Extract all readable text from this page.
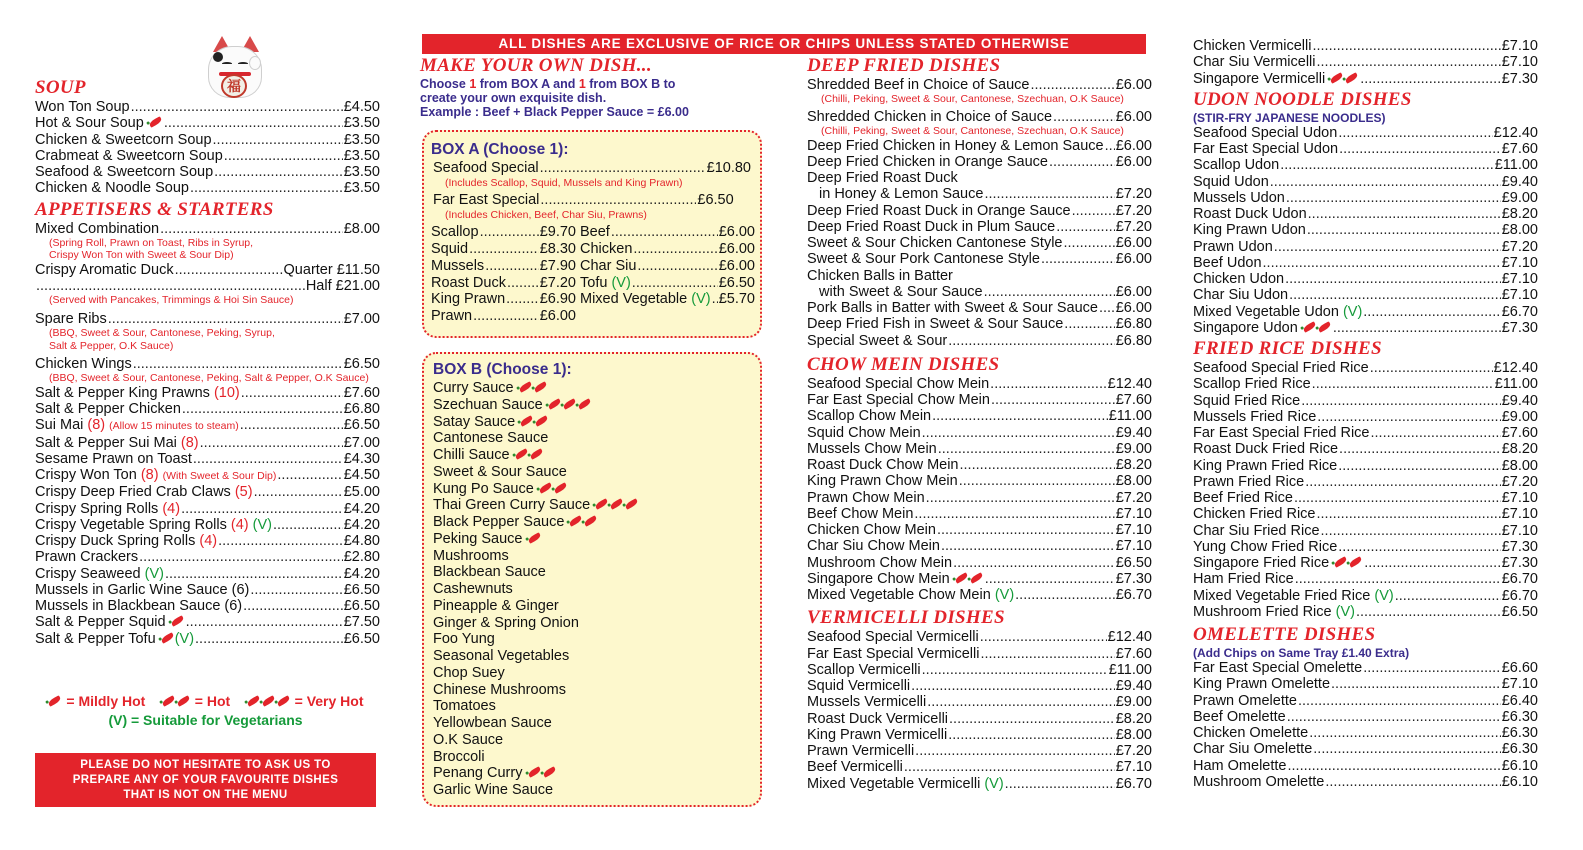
福
SOUP
Won Ton Soup .....	£4.50
Hot & Sour Soup .....	£3.50
Chicken & Sweetcorn Soup .....	£3.50
Crabmeat & Sweetcorn Soup .....	£3.50
Seafood & Sweetcorn Soup .....	£3.50
Chicken & Noodle Soup .....	£3.50
APPETISERS & STARTERS
Mixed Combination .....	£8.00
(Spring Roll, Prawn on Toast, Ribs in Syrup,
Crispy Won Ton with Sweet & Sour Dip)
Crispy Aromatic Duck .....	Quarter £11.50
.....
Half £21.00
(Served with Pancakes, Trimmings & Hoi Sin Sauce)
Spare Ribs .....	£7.00
(BBQ, Sweet & Sour, Cantonese, Peking, Syrup,
Salt & Pepper, O.K Sauce)
Chicken Wings .....	£6.50
(BBQ, Sweet & Sour, Cantonese, Peking, Salt & Pepper, O.K Sauce)
Salt & Pepper King Prawns (10) .....	£7.60
Salt & Pepper Chicken .....	£6.80
Sui Mai (8) (Allow 15 minutes to steam) .....	£6.50
Salt & Pepper Sui Mai (8) .....	£7.00
Sesame Prawn on Toast .....	£4.30
Crispy Won Ton (8) (With Sweet & Sour Dip) .....	£4.50
Crispy Deep Fried Crab Claws (5) .....	£5.00
Crispy Spring Rolls (4) .....	£4.20
Crispy Vegetable Spring Rolls (4) (V) .....	£4.20
Crispy Duck Spring Rolls (4) .....	£4.80
Prawn Crackers .....	£2.80
Crispy Seaweed (V) .....	£4.20
Mussels in Garlic Wine Sauce (6) .....	£6.50
Mussels in Blackbean Sauce (6) .....	£6.50
Salt & Pepper Squid .....	£7.50
Salt & Pepper Tofu (V) .....	£6.50
= Mildly Hot	= Hot	= Very Hot
(V) = Suitable for Vegetarians
PLEASE DO NOT HESITATE TO ASK US TO
PREPARE ANY OF YOUR FAVOURITE DISHES
THAT IS NOT ON THE MENU
ALL DISHES ARE EXCLUSIVE OF RICE OR CHIPS UNLESS STATED OTHERWISE
MAKE YOUR OWN DISH...
Choose 1 from BOX A and 1 from BOX B to
create your own exquisite dish.
Example : Beef + Black Pepper Sauce = £6.00
BOX A (Choose 1):
Seafood Special .....	£10.80
(Includes Scallop, Squid, Mussels and King Prawn)
Far East Special .....	£6.50
(Includes Chicken, Beef, Char Siu, Prawns)
Scallop .....	£9.70
Squid .....	£8.30
Mussels .....	£7.90
Roast Duck ..... £7.20
King Prawn ..... £6.90
Prawn .....	£6.00
Beef .....	£6.00
Chicken .....	£6.00
Char Siu .....	£6.00
Tofu (V) .....	£6.50
Mixed Vegetable (V) ..... £5.70
BOX B (Choose 1):
Curry Sauce
Szechuan Sauce
Satay Sauce
Cantonese Sauce
Chilli Sauce
Sweet & Sour Sauce
Kung Po Sauce
Thai Green Curry Sauce
Black Pepper Sauce
Peking Sauce
Mushrooms
Blackbean Sauce
Cashewnuts
Pineapple & Ginger
Ginger & Spring Onion
Foo Yung
Seasonal Vegetables
Chop Suey
Chinese Mushrooms
Tomatoes
Yellowbean Sauce
O.K Sauce
Broccoli
Penang Curry
Garlic Wine Sauce
DEEP FRIED DISHES
Shredded Beef in Choice of Sauce .....	£6.00
(Chilli, Peking, Sweet & Sour, Cantonese, Szechuan, O.K Sauce)
Shredded Chicken in Choice of Sauce .....	£6.00
(Chilli, Peking, Sweet & Sour, Cantonese, Szechuan, O.K Sauce)
Deep Fried Chicken in Honey & Lemon Sauce ..... £6.00
Deep Fried Chicken in Orange Sauce .....	£6.00
Deep Fried Roast Duck
in Honey & Lemon Sauce .....	£7.20
Deep Fried Roast Duck in Orange Sauce .....	£7.20
Deep Fried Roast Duck in Plum Sauce .....	£7.20
Sweet & Sour Chicken Cantonese Style .....	£6.00
Sweet & Sour Pork Cantonese Style .....	£6.00
Chicken Balls in Batter
with Sweet & Sour Sauce .....	£6.00
Pork Balls in Batter with Sweet & Sour Sauce ..... £6.00
Deep Fried Fish in Sweet & Sour Sauce .....	£6.80
Special Sweet & Sour .....	£6.80
CHOW MEIN DISHES
Seafood Special Chow Mein .....	£12.40
Far East Special Chow Mein .....	£7.60
Scallop Chow Mein .....	£11.00
Squid Chow Mein .....	£9.40
Mussels Chow Mein .....	£9.00
Roast Duck Chow Mein .....	£8.20
King Prawn Chow Mein .....	£8.00
Prawn Chow Mein .....	£7.20
Beef Chow Mein .....	£7.10
Chicken Chow Mein .....	£7.10
Char Siu Chow Mein .....	£7.10
Mushroom Chow Mein .....	£6.50
Singapore Chow Mein .....	£7.30
Mixed Vegetable Chow Mein (V) .....	£6.70
VERMICELLI DISHES
Seafood Special Vermicelli .....	£12.40
Far East Special Vermicelli .....	£7.60
Scallop Vermicelli .....	£11.00
Squid Vermicelli .....	£9.40
Mussels Vermicelli .....	£9.00
Roast Duck Vermicelli .....	£8.20
King Prawn Vermicelli .....	£8.00
Prawn Vermicelli .....	£7.20
Beef Vermicelli .....	£7.10
Mixed Vegetable Vermicelli (V) .....	£6.70
Chicken Vermicelli .....	£7.10
Char Siu Vermicelli .....	£7.10
Singapore Vermicelli .....	£7.30
UDON NOODLE DISHES
(STIR-FRY JAPANESE NOODLES)
Seafood Special Udon .....	£12.40
Far East Special Udon .....	£7.60
Scallop Udon .....	£11.00
Squid Udon .....	£9.40
Mussels Udon .....	£9.00
Roast Duck Udon .....	£8.20
King Prawn Udon .....	£8.00
Prawn Udon .....	£7.20
Beef Udon .....	£7.10
Chicken Udon .....	£7.10
Char Siu Udon .....	£7.10
Mixed Vegetable Udon (V) .....	£6.70
Singapore Udon .....	£7.30
FRIED RICE DISHES
Seafood Special Fried Rice .....	£12.40
Scallop Fried Rice .....	£11.00
Squid Fried Rice .....	£9.40
Mussels Fried Rice .....	£9.00
Far East Special Fried Rice .....	£7.60
Roast Duck Fried Rice .....	£8.20
King Prawn Fried Rice .....	£8.00
Prawn Fried Rice .....	£7.20
Beef Fried Rice .....	£7.10
Chicken Fried Rice .....	£7.10
Char Siu Fried Rice .....	£7.10
Yung Chow Fried Rice .....	£7.30
Singapore Fried Rice .....	£7.30
Ham Fried Rice .....	£6.70
Mixed Vegetable Fried Rice (V) .....	£6.70
Mushroom Fried Rice (V) .....	£6.50
OMELETTE DISHES
(Add Chips on Same Tray £1.40 Extra)
Far East Special Omelette .....	£6.60
King Prawn Omelette .....	£7.10
Prawn Omelette .....	£6.40
Beef Omelette .....	£6.30
Chicken Omelette .....	£6.30
Char Siu Omelette .....	£6.30
Ham Omelette .....	£6.10
Mushroom Omelette .....	£6.10
